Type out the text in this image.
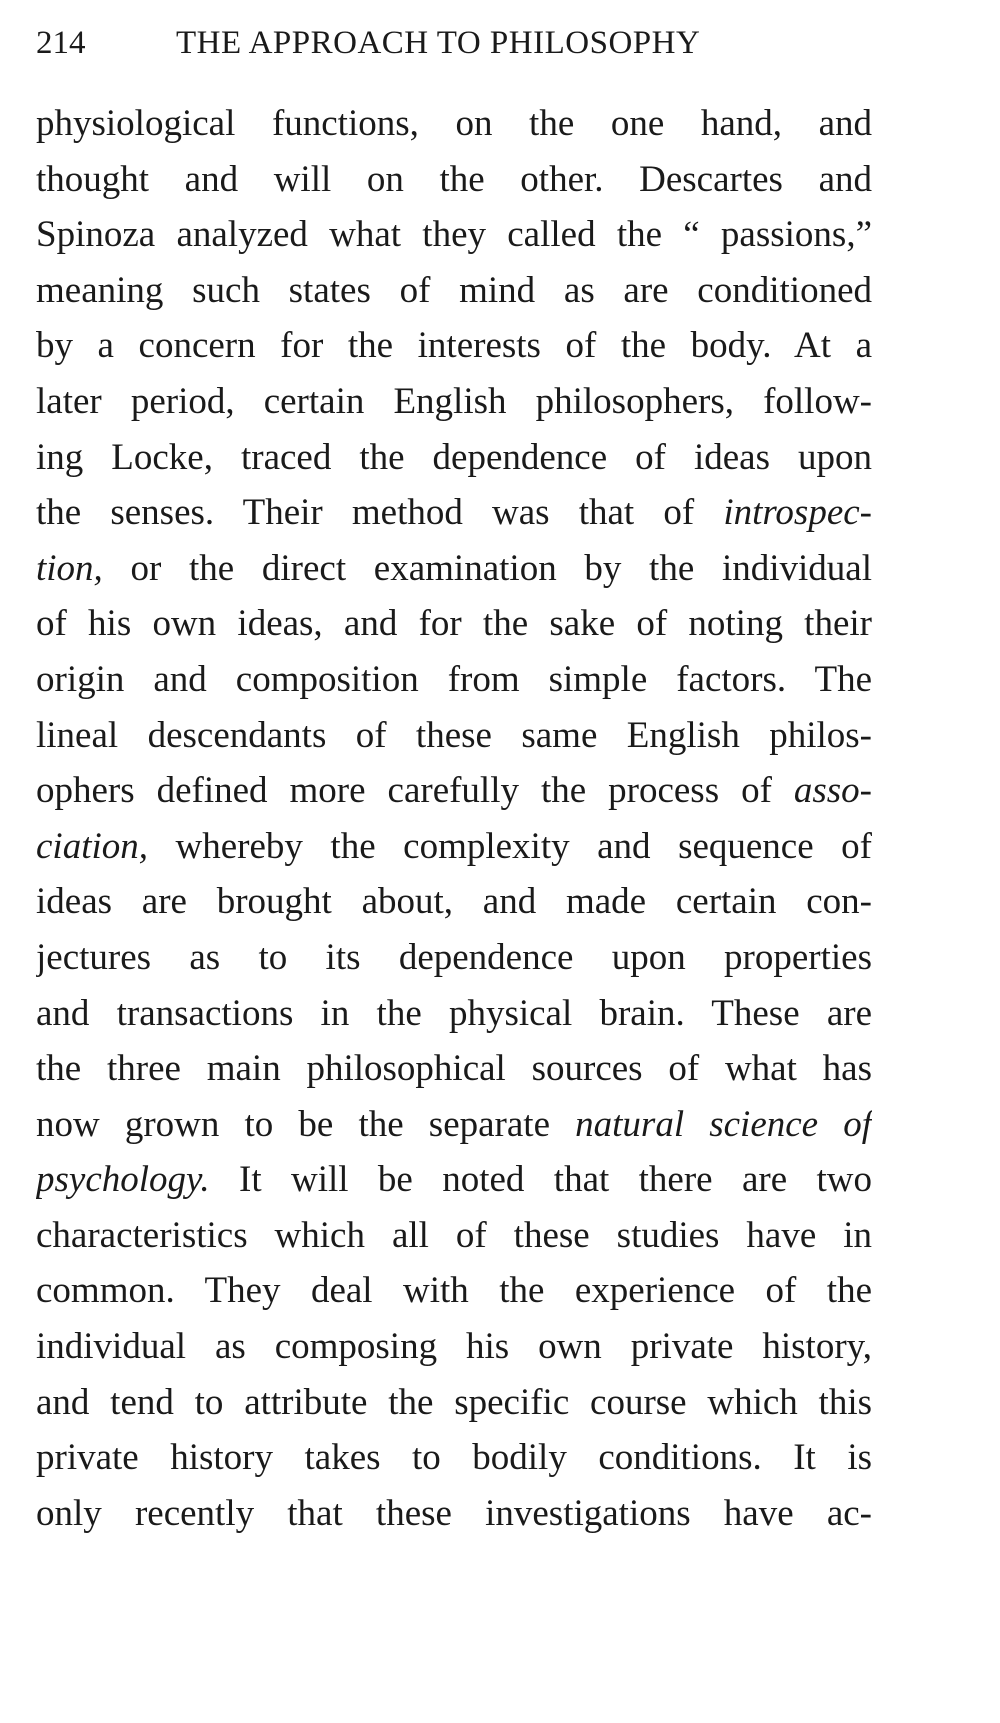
214	THE APPROACH TO PHILOSOPHY
physiological functions, on the one hand, and
thought and will on the other. Descartes and
Spinoza analyzed what they called the “ passions,”
meaning such states of mind as are conditioned
by a concern for the interests of the body. At a
later period, certain English philosophers, follow-
ing Locke, traced the dependence of ideas upon
the senses. Their method was that of introspec-
tion, or the direct examination by the individual
of his own ideas, and for the sake of noting their
origin and composition from simple factors. The
lineal descendants of these same English philos-
ophers defined more carefully the process of asso-
ciation, whereby the complexity and sequence of
ideas are brought about, and made certain con-
jectures as to its dependence upon properties
and transactions in the physical brain. These are
the three main philosophical sources of what has
now grown to be the separate natural science of
psychology. It will be noted that there are two
characteristics which all of these studies have in
common. They deal with the experience of the
individual as composing his own private history,
and tend to attribute the specific course which this
private history takes to bodily conditions. It is
only recently that these investigations have ac-
